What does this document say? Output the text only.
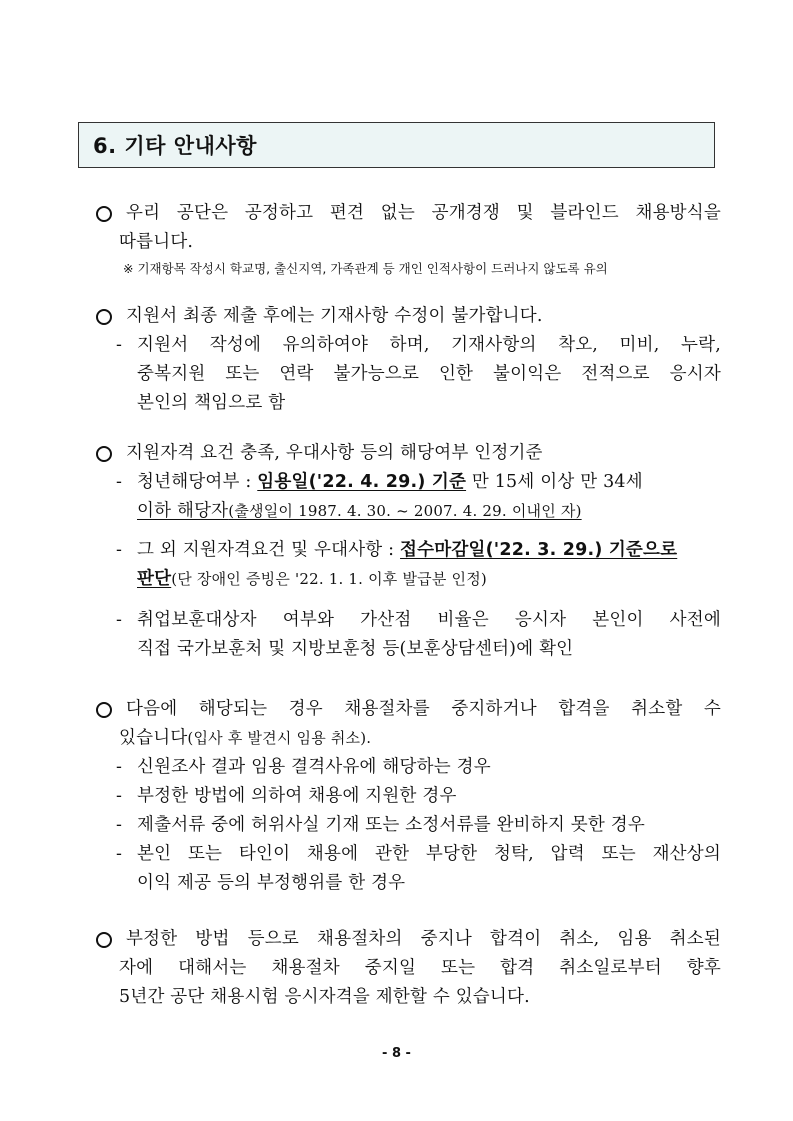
6. 기타 안내사항
우리 공단은 공정하고 편견 없는 공개경쟁 및 블라인드 채용방식을
따릅니다.
※ 기재항목 작성시 학교명, 출신지역, 가족관계 등 개인 인적사항이 드러나지 않도록 유의
지원서 최종 제출 후에는 기재사항 수정이 불가합니다.
- 지원서 작성에 유의하여야 하며, 기재사항의 착오, 미비, 누락,
중복지원 또는 연락 불가능으로 인한 불이익은 전적으로 응시자
본인의 책임으로 함
지원자격 요건 충족, 우대사항 등의 해당여부 인정기준
- 청년해당여부 : 임용일('22. 4. 29.) 기준 만 15세 이상 만 34세
이하 해당자(출생일이 1987. 4. 30. ~ 2007. 4. 29. 이내인 자)
- 그 외 지원자격요건 및 우대사항 : 접수마감일('22. 3. 29.) 기준으로
판단(단 장애인 증빙은 '22. 1. 1. 이후 발급분 인정)
- 취업보훈대상자 여부와 가산점 비율은 응시자 본인이 사전에
직접 국가보훈처 및 지방보훈청 등(보훈상담센터)에 확인
다음에 해당되는 경우 채용절차를 중지하거나 합격을 취소할 수
있습니다(입사 후 발견시 임용 취소).
- 신원조사 결과 임용 결격사유에 해당하는 경우
- 부정한 방법에 의하여 채용에 지원한 경우
- 제출서류 중에 허위사실 기재 또는 소정서류를 완비하지 못한 경우
- 본인 또는 타인이 채용에 관한 부당한 청탁, 압력 또는 재산상의
이익 제공 등의 부정행위를 한 경우
부정한 방법 등으로 채용절차의 중지나 합격이 취소, 임용 취소된
자에 대해서는 채용절차 중지일 또는 합격 취소일로부터 향후
5년간 공단 채용시험 응시자격을 제한할 수 있습니다.
- 8 -
